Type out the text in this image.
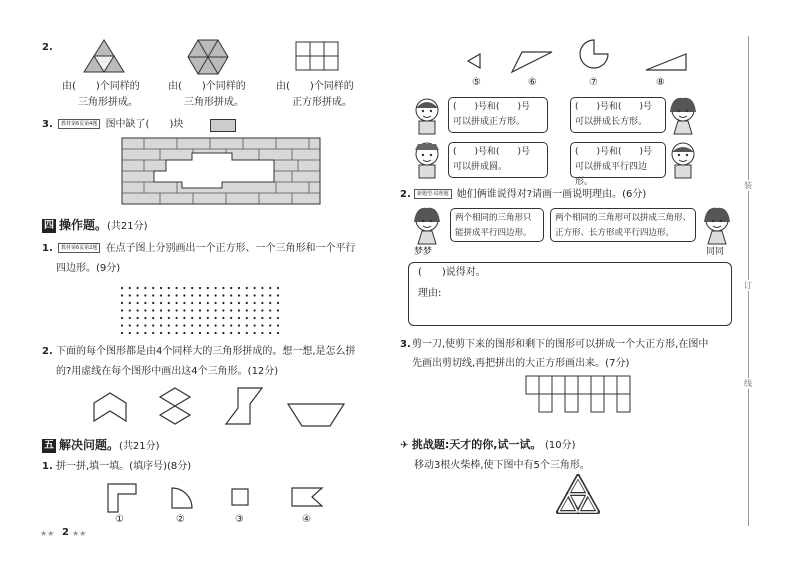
2.
由(　　)个同样的
三角形拼成。
由(　　)个同样的
三角形拼成。
由(　　)个同样的
正方形拼成。
3.	教材第6页第4题 图中缺了(　　)块
四 操作题。(共21分)
1.	教材第6页第2题 在点子图上分别画出一个正方形、一个三角形和一个平行
四边形。(9分)
2. 下面的每个图形都是由4个同样大的三角形拼成的。想一想,是怎么拼
的?用虚线在每个图形中画出这4个三角形。(12分)
五 解决问题。(共21分)
1. 拼一拼,填一填。(填序号)(8分)
①	②	③	④
★★ 2 ★★
⑤	⑥	⑦	⑧
(　　)号和(　　)号
可以拼成正方形。
(　　)号和(　　)号
可以拼成长方形。
(　　)号和(　　)号
可以拼成圆。
(　　)号和(　　)号
可以拼成平行四边形。
2.	新题型·说理题 她们俩谁说得对?请画一画说明理由。(6分)
梦梦
两个相同的三角形只
能拼成平行四边形。
两个相同的三角形可以拼成三角形、
正方形、长方形或平行四边形。
同同
(　　)说得对。
理由:
3. 剪一刀,使剪下来的图形和剩下的图形可以拼成一个大正方形,在图中
先画出剪切线,再把拼出的大正方形画出来。(7分)
✈ 挑战题:天才的你,试一试。 (10分)
移动3根火柴棒,使下图中有5个三角形。
装
订
线
